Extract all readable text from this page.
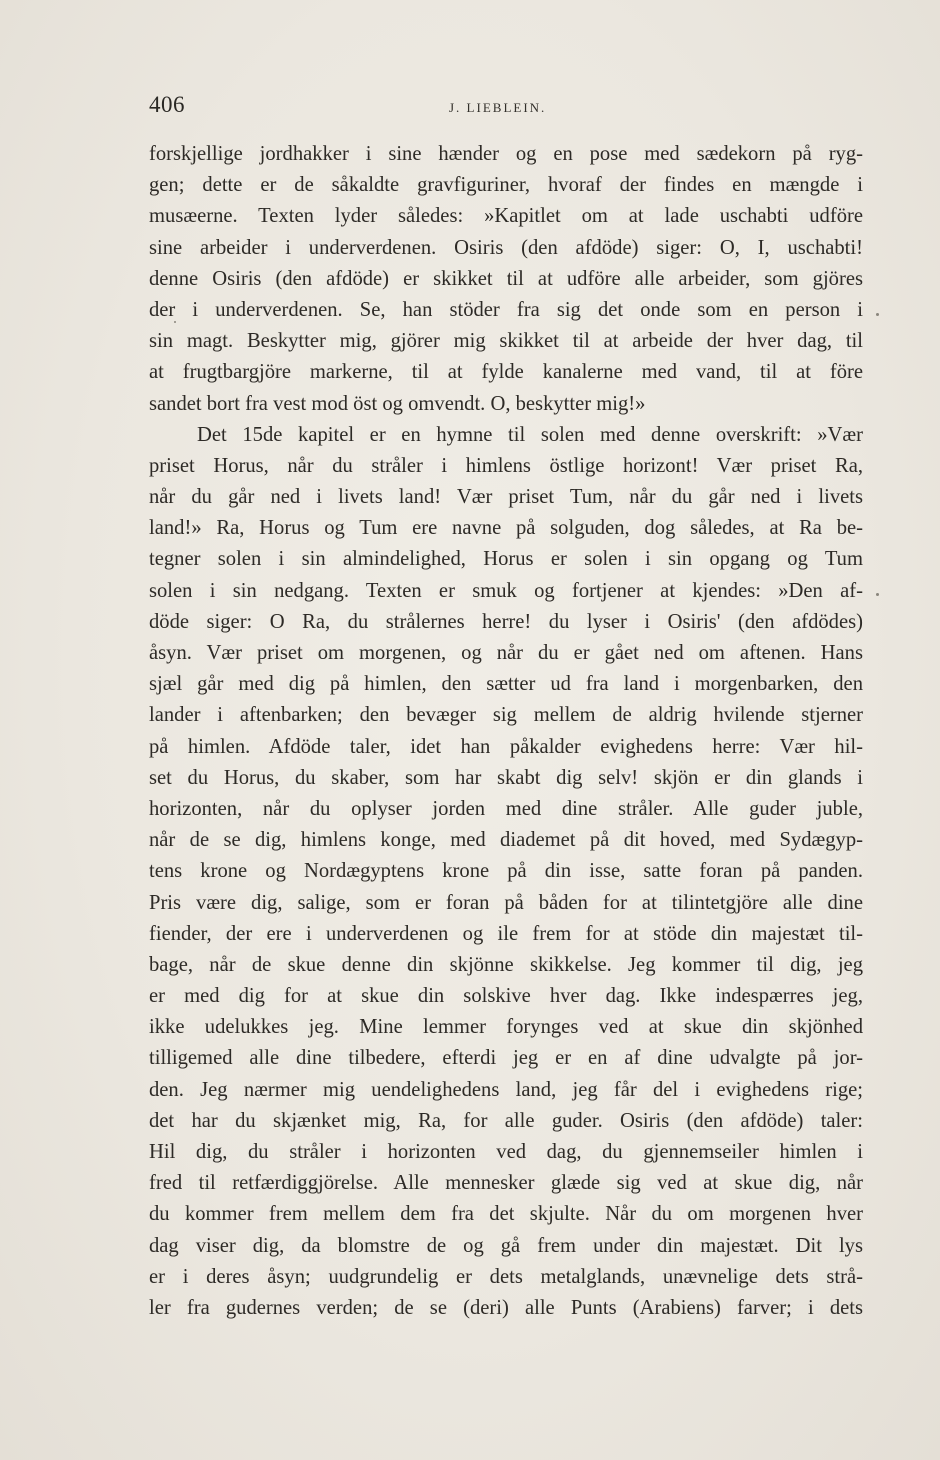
406	J. LIEBLEIN.
forskjellige jordhakker i sine hænder og en pose med sædekorn på ryg-
gen; dette er de såkaldte gravfiguriner, hvoraf der findes en mængde i
musæerne. Texten lyder således: »Kapitlet om at lade uschabti udföre
sine arbeider i underverdenen. Osiris (den afdöde) siger: O, I, uschabti!
denne Osiris (den afdöde) er skikket til at udföre alle arbeider, som gjöres
der i underverdenen. Se, han stöder fra sig det onde som en person i
sin magt. Beskytter mig, gjörer mig skikket til at arbeide der hver dag, til
at frugtbargjöre markerne, til at fylde kanalerne med vand, til at före
sandet bort fra vest mod öst og omvendt. O, beskytter mig!»
Det 15de kapitel er en hymne til solen med denne overskrift: »Vær
priset Horus, når du stråler i himlens östlige horizont! Vær priset Ra,
når du går ned i livets land! Vær priset Tum, når du går ned i livets
land!» Ra, Horus og Tum ere navne på solguden, dog således, at Ra be-
tegner solen i sin almindelighed, Horus er solen i sin opgang og Tum
solen i sin nedgang. Texten er smuk og fortjener at kjendes: »Den af-
döde siger: O Ra, du strålernes herre! du lyser i Osiris' (den afdödes)
åsyn. Vær priset om morgenen, og når du er gået ned om aftenen. Hans
sjæl går med dig på himlen, den sætter ud fra land i morgenbarken, den
lander i aftenbarken; den bevæger sig mellem de aldrig hvilende stjerner
på himlen. Afdöde taler, idet han påkalder evighedens herre: Vær hil-
set du Horus, du skaber, som har skabt dig selv! skjön er din glands i
horizonten, når du oplyser jorden med dine stråler. Alle guder juble,
når de se dig, himlens konge, med diademet på dit hoved, med Sydægyp-
tens krone og Nordægyptens krone på din isse, satte foran på panden.
Pris være dig, salige, som er foran på båden for at tilintetgjöre alle dine
fiender, der ere i underverdenen og ile frem for at stöde din majestæt til-
bage, når de skue denne din skjönne skikkelse. Jeg kommer til dig, jeg
er med dig for at skue din solskive hver dag. Ikke indespærres jeg,
ikke udelukkes jeg. Mine lemmer forynges ved at skue din skjönhed
tilligemed alle dine tilbedere, efterdi jeg er en af dine udvalgte på jor-
den. Jeg nærmer mig uendelighedens land, jeg får del i evighedens rige;
det har du skjænket mig, Ra, for alle guder. Osiris (den afdöde) taler:
Hil dig, du stråler i horizonten ved dag, du gjennemseiler himlen i
fred til retfærdiggjörelse. Alle mennesker glæde sig ved at skue dig, når
du kommer frem mellem dem fra det skjulte. Når du om morgenen hver
dag viser dig, da blomstre de og gå frem under din majestæt. Dit lys
er i deres åsyn; uudgrundelig er dets metalglands, unævnelige dets strå-
ler fra gudernes verden; de se (deri) alle Punts (Arabiens) farver; i dets
